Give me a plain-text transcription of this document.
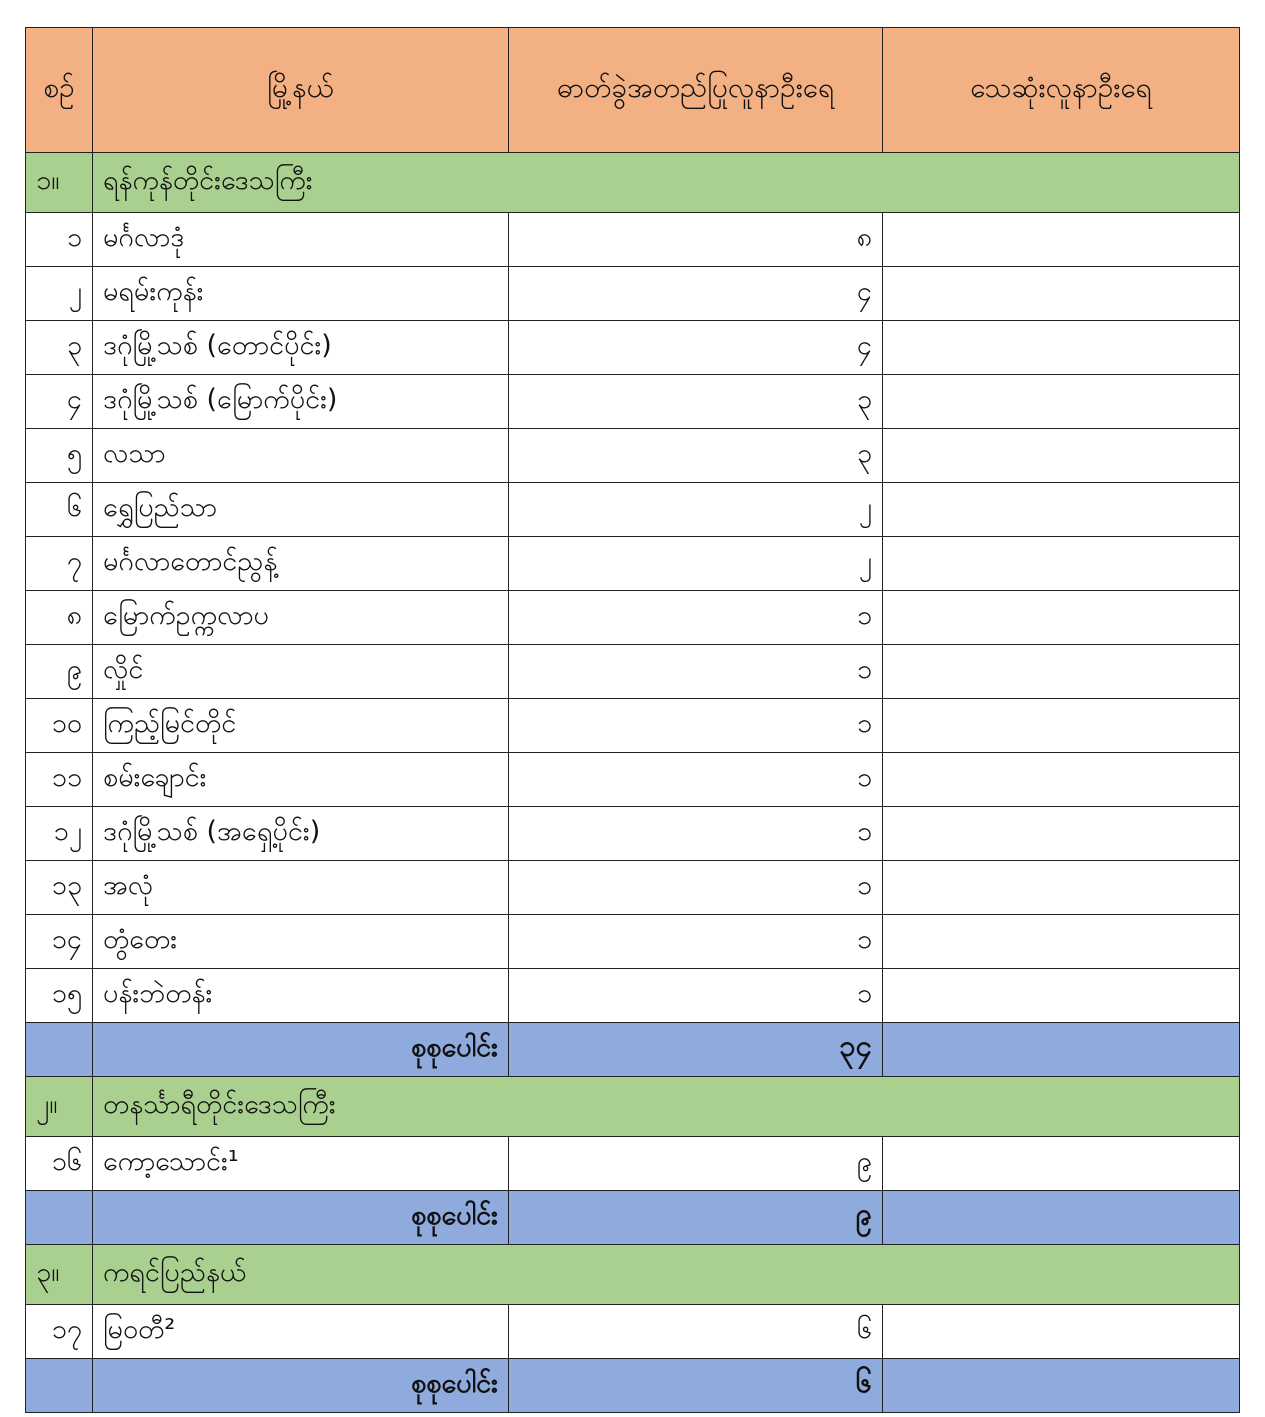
စဉ်	မြို့နယ်	ဓာတ်ခွဲအတည်ပြုလူနာဦးရေ	သေဆုံးလူနာဦးရေ
၁။	ရန်ကုန်တိုင်းဒေသကြီး		
၁	မင်္ဂလာဒုံ	၈	
၂	မရမ်းကုန်း	၄	
၃	ဒဂုံမြို့သစ် (တောင်ပိုင်း)	၄	
၄	ဒဂုံမြို့သစ် (မြောက်ပိုင်း)	၃	
၅	လသာ	၃	
၆	ရွှေပြည်သာ	၂	
၇	မင်္ဂလာတောင်ညွန့်	၂	
၈	မြောက်ဥက္ကလာပ	၁	
၉	လှိုင်	၁	
၁၀	ကြည့်မြင်တိုင်	၁	
၁၁	စမ်းချောင်း	၁	
၁၂	ဒဂုံမြို့သစ် (အရှေ့ပိုင်း)	၁	
၁၃	အလုံ	၁	
၁၄	တွံတေး	၁	
၁၅	ပန်းဘဲတန်း	၁	
	စုစုပေါင်း	၃၄	
၂။	တနင်္သာရီတိုင်းဒေသကြီး		
၁၆	ကော့သောင်း¹	၉	
	စုစုပေါင်း	၉	
၃။	ကရင်ပြည်နယ်		
၁၇	မြဝတီ²	၆	
	စုစုပေါင်း	၆	
